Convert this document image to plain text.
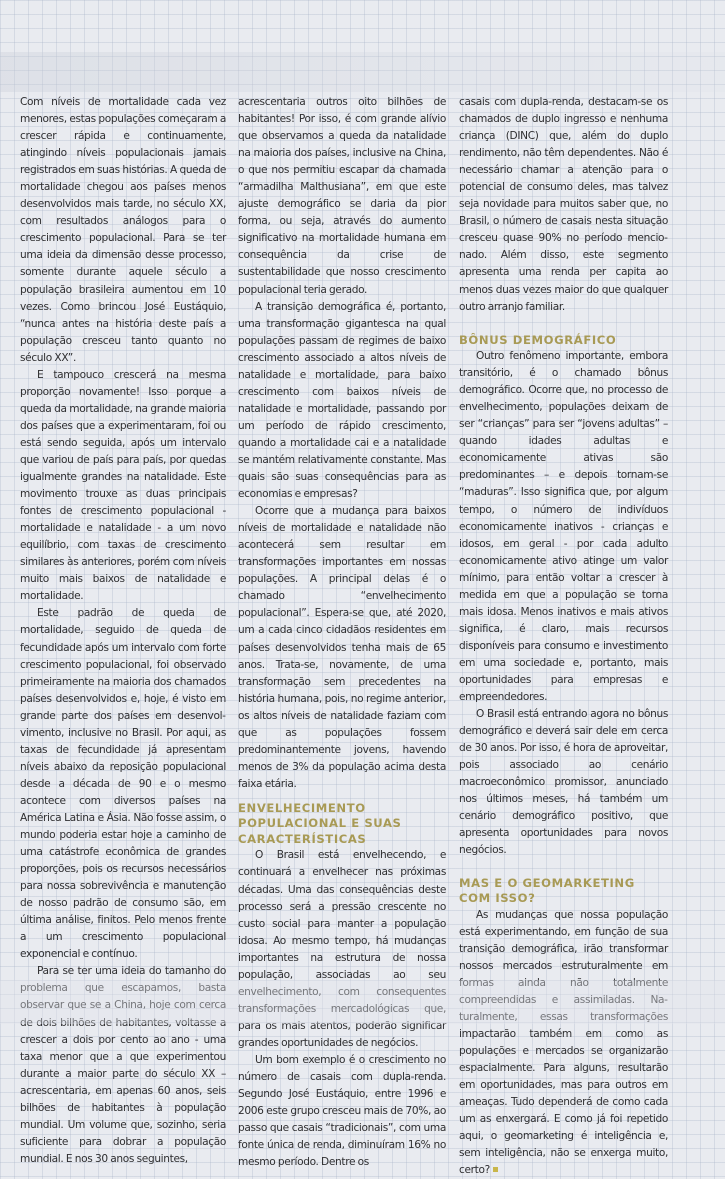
Com níveis de mortalidade cada vez menores, estas populações começaram a crescer rápida e continuamente, atingindo níveis populacionais jamais registrados em suas histórias. A queda de mortalidade chegou aos países menos desenvolvidos mais tarde, no século XX, com resultados análogos para o crescimento populacional. Para se ter uma ideia da dimensão desse processo, somente durante aquele século a população brasileira aumentou em 10 vezes. Como brincou José Eustáquio, “nunca antes na história deste país a população cresceu tanto quanto no século XX”.

E tampouco crescerá na mesma proporção novamente! Isso porque a queda da mortalidade, na grande maioria dos países que a experimentaram, foi ou está sendo seguida, após um intervalo que variou de país para país, por quedas igualmente grandes na natalidade. Este movimento trouxe as duas principais fontes de crescimento populacional - mortalidade e natalidade - a um novo equilíbrio, com taxas de crescimento similares às anteriores, porém com níveis muito mais baixos de natalidade e mortalidade.

Este padrão de queda de mortalidade, seguido de queda de fecundidade após um intervalo com forte crescimento populacional, foi observado primeiramente na maioria dos chamados países desenvolvidos e, hoje, é visto em grande parte dos países em desenvolvimento, inclusive no Brasil. Por aqui, as taxas de fecundidade já apresentam níveis abaixo da reposição populacional desde a década de 90 e o mesmo acontece com diversos países na América Latina e Ásia. Não fosse assim, o mundo poderia estar hoje a caminho de uma catástrofe econômica de grandes proporções, pois os recursos necessários para nossa sobrevivência e manutenção de nosso padrão de consumo são, em última análise, finitos. Pelo menos frente a um crescimento populacional exponencial e contínuo.

Para se ter uma ideia do tamanho do problema que escapamos, basta observar que se a China, hoje com cerca de dois bilhões de habitantes, voltasse a crescer a dois por cento ao ano - uma taxa menor que a que experimentou durante a maior parte do século XX – acrescentaria, em apenas 60 anos, seis bilhões de habitantes à população mundial. Um volume que, sozinho, seria suficiente para dobrar a população mundial. E nos 30 anos seguintes,

acrescentaria outros oito bilhões de habitantes! Por isso, é com grande alívio que observamos a queda da natalidade na maioria dos países, inclusive na China, o que nos permitiu escapar da chamada “armadilha Malthusiana”, em que este ajuste demográfico se daria da pior forma, ou seja, através do aumento significativo na mortalidade humana em consequência da crise de sustentabilidade que nosso crescimento populacional teria gerado.

A transição demográfica é, portanto, uma transformação gigantesca na qual populações passam de regimes de baixo crescimento associado a altos níveis de natalidade e mortalidade, para baixo crescimento com baixos níveis de natalidade e mortalidade, passando por um período de rápido crescimento, quando a mortalidade cai e a natalidade se mantém relativamente constante. Mas quais são suas consequências para as economias e empresas?

Ocorre que a mudança para baixos níveis de mortalidade e natalidade não acontecerá sem resultar em transformações importantes em nossas populações. A principal delas é o chamado “envelhecimento populacional”. Espera-se que, até 2020, um a cada cinco cidadãos residentes em países desenvolvidos tenha mais de 65 anos. Trata-se, novamente, de uma transformação sem precedentes na história humana, pois, no regime anterior, os altos níveis de natalidade faziam com que as populações fossem predominantemente jovens, havendo menos de 3% da população acima desta faixa etária.

ENVELHECIMENTO POPULACIONAL E SUAS CARACTERÍSTICAS

O Brasil está envelhecendo, e continuará a envelhecer nas próximas décadas. Uma das consequências deste processo será a pressão crescente no custo social para manter a população idosa. Ao mesmo tempo, há mudanças importantes na estrutura de nossa população, associadas ao seu envelhecimento, com consequentes transformações mercadológicas que, para os mais atentos, poderão significar grandes oportunidades de negócios.

Um bom exemplo é o crescimento no número de casais com dupla-renda. Segundo José Eustáquio, entre 1996 e 2006 este grupo cresceu mais de 70%, ao passo que casais “tradicionais”, com uma fonte única de renda, diminuíram 16% no mesmo período. Dentre os

casais com dupla-renda, destacam-se os chamados de duplo ingresso e nenhuma criança (DINC) que, além do duplo rendimento, não têm dependentes. Não é necessário chamar a atenção para o potencial de consumo deles, mas talvez seja novidade para muitos saber que, no Brasil, o número de casais nesta situação cresceu quase 90% no período mencionado. Além disso, este segmento apresenta uma renda per capita ao menos duas vezes maior do que qualquer outro arranjo familiar.

BÔNUS DEMOGRÁFICO

Outro fenômeno importante, embora transitório, é o chamado bônus demográfico. Ocorre que, no processo de envelhecimento, populações deixam de ser “crianças” para ser “jovens adultas” – quando idades adultas e economicamente ativas são predominantes – e depois tornam-se “maduras”. Isso significa que, por algum tempo, o número de indivíduos economicamente inativos - crianças e idosos, em geral - por cada adulto economicamente ativo atinge um valor mínimo, para então voltar a crescer à medida em que a população se torna mais idosa. Menos inativos e mais ativos significa, é claro, mais recursos disponíveis para consumo e investimento em uma sociedade e, portanto, mais oportunidades para empresas e empreendedores.

O Brasil está entrando agora no bônus demográfico e deverá sair dele em cerca de 30 anos. Por isso, é hora de aproveitar, pois associado ao cenário macroeconômico promissor, anunciado nos últimos meses, há também um cenário demográfico positivo, que apresenta oportunidades para novos negócios.

MAS E O GEOMARKETING COM ISSO?

As mudanças que nossa população está experimentando, em função de sua transição demográfica, irão transformar nossos mercados estruturalmente em formas ainda não totalmente compreendidas e assimiladas. Naturalmente, essas transformações impactarão também em como as populações e mercados se organizarão espacialmente. Para alguns, resultarão em oportunidades, mas para outros em ameaças. Tudo dependerá de como cada um as enxergará. E como já foi repetido aqui, o geomarketing é inteligência e, sem inteligência, não se enxerga muito, certo?
